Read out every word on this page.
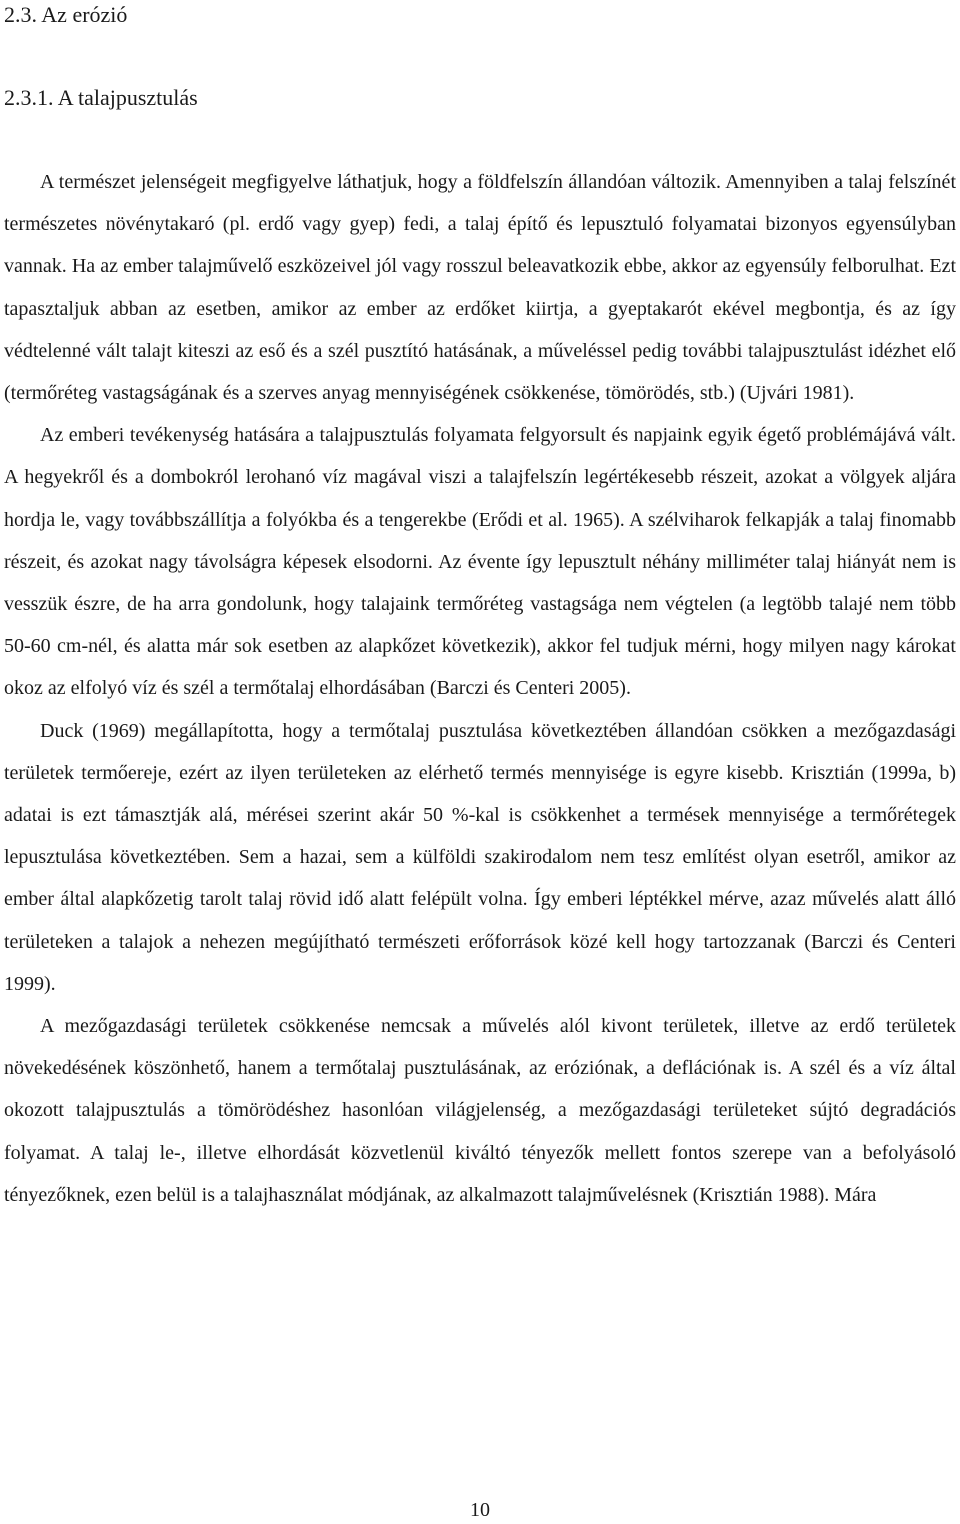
2.3. Az erózió
2.3.1. A talajpusztulás

A természet jelenségeit megfigyelve láthatjuk, hogy a földfelszín állandóan változik. Amennyiben a talaj felszínét természetes növénytakaró (pl. erdő vagy gyep) fedi, a talaj építő és lepusztuló folyamatai bizonyos egyensúlyban vannak. Ha az ember talajművelő eszközeivel jól vagy rosszul beleavatkozik ebbe, akkor az egyensúly felborulhat. Ezt tapasztaljuk abban az esetben, amikor az ember az erdőket kiirtja, a gyeptakarót ekével megbontja, és az így védtelenné vált talajt kiteszi az eső és a szél pusztító hatásának, a műveléssel pedig további talajpusztulást idézhet elő (termőréteg vastagságának és a szerves anyag mennyiségének csökkenése, tömörödés, stb.) (Ujvári 1981).

Az emberi tevékenység hatására a talajpusztulás folyamata felgyorsult és napjaink egyik égető problémájává vált. A hegyekről és a dombokról lerohanó víz magával viszi a talajfelszín legértékesebb részeit, azokat a völgyek aljára hordja le, vagy továbbszállítja a folyókba és a tengerekbe (Erődi et al. 1965). A szélviharok felkapják a talaj finomabb részeit, és azokat nagy távolságra képesek elsodorni. Az évente így lepusztult néhány milliméter talaj hiányát nem is vesszük észre, de ha arra gondolunk, hogy talajaink termőréteg vastagsága nem végtelen (a legtöbb talajé nem több 50-60 cm-nél, és alatta már sok esetben az alapkőzet következik), akkor fel tudjuk mérni, hogy milyen nagy károkat okoz az elfolyó víz és szél a termőtalaj elhordásában (Barczi és Centeri 2005).

Duck (1969) megállapította, hogy a termőtalaj pusztulása következtében állandóan csökken a mezőgazdasági területek termőereje, ezért az ilyen területeken az elérhető termés mennyisége is egyre kisebb. Krisztián (1999a, b) adatai is ezt támasztják alá, mérései szerint akár 50 %-kal is csökkenhet a termések mennyisége a termőrétegek lepusztulása következtében. Sem a hazai, sem a külföldi szakirodalom nem tesz említést olyan esetről, amikor az ember által alapkőzetig tarolt talaj rövid idő alatt felépült volna. Így emberi léptékkel mérve, azaz művelés alatt álló területeken a talajok a nehezen megújítható természeti erőforrások közé kell hogy tartozzanak (Barczi és Centeri 1999).

A mezőgazdasági területek csökkenése nemcsak a művelés alól kivont területek, illetve az erdő területek növekedésének köszönhető, hanem a termőtalaj pusztulásának, az eróziónak, a deflációnak is. A szél és a víz által okozott talajpusztulás a tömörödéshez hasonlóan világjelenség, a mezőgazdasági területeket sújtó degradációs folyamat. A talaj le-, illetve elhordását közvetlenül kiváltó tényezők mellett fontos szerepe van a befolyásoló tényezőknek, ezen belül is a talajhasználat módjának, az alkalmazott talajművelésnek (Krisztián 1988). Mára

10
